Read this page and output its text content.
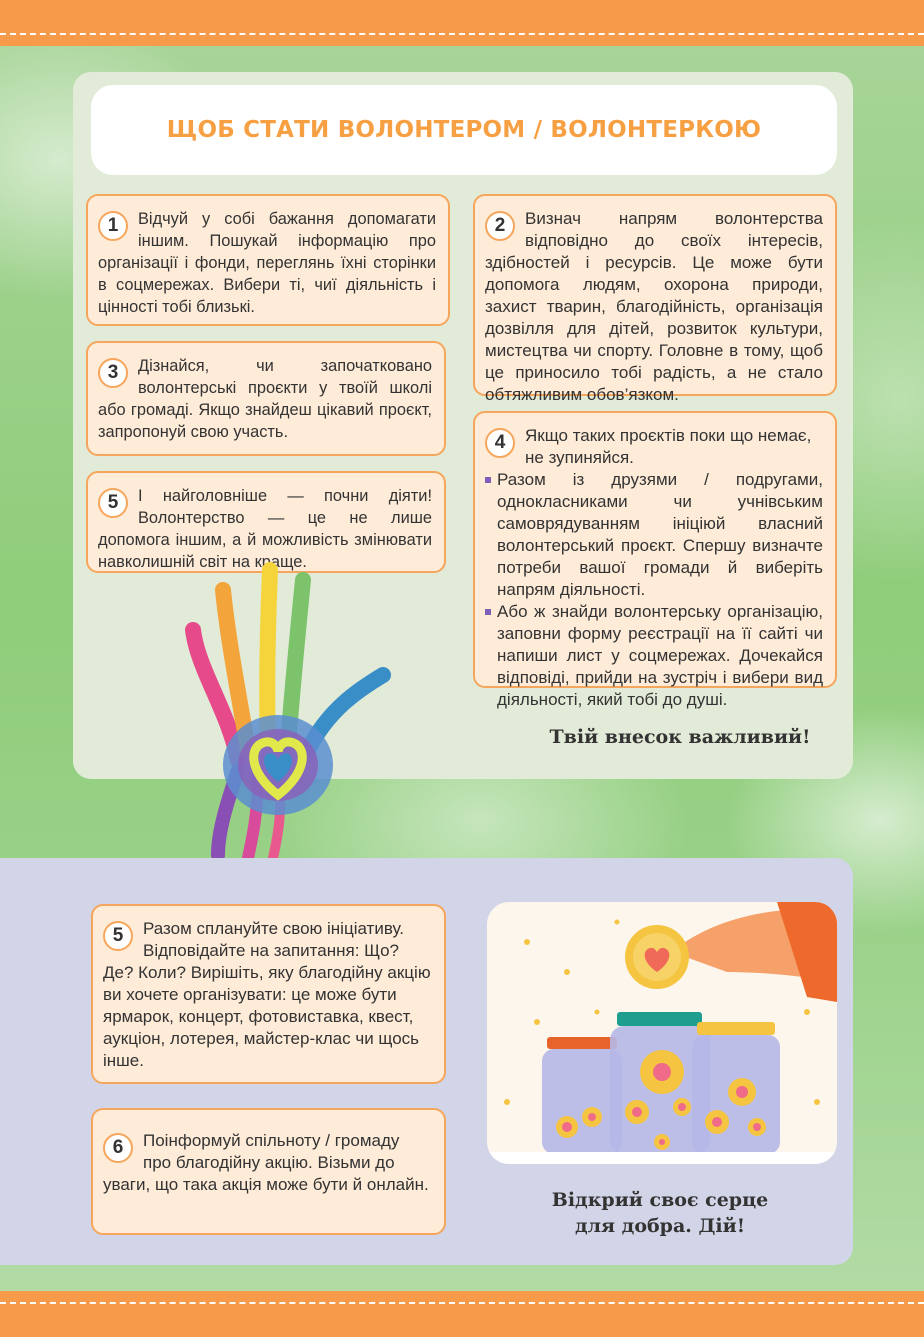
ЩОБ СТАТИ ВОЛОНТЕРОМ / ВОЛОНТЕРКОЮ
1	Відчуй у собі бажання допомагати іншим. Пошукай інформацію про організації і фонди, переглянь їхні сторінки в соцмережах. Вибери ті, чиї діяльність і цінності тобі близькі.

3	Дізнайся, чи започатковано волонтерські проєкти у твоїй школі або громаді. Якщо знайдеш цікавий проєкт, запропонуй свою участь.

5	І найголовніше — почни діяти! Волонтерство — це не лише допомога іншим, а й можливість змінювати навколишній світ на краще.

2	Визнач напрям волонтерства відповідно до своїх інтересів, здібностей і ресурсів. Це може бути допомога людям, охорона природи, захист тварин, благодійність, організація дозвілля для дітей, розвиток культури, мистецтва чи спорту. Головне в тому, щоб це приносило тобі радість, а не стало обтяжливим обов’язком.

4	Якщо таких проєктів поки що немає, не зупиняйся.

Разом із друзями / подругами, однокласниками чи учнівським самоврядуванням ініціюй власний волонтерський проєкт. Спершу визначте потреби вашої громади й виберіть напрям діяльності.
Або ж знайди волонтерську організацію, заповни форму реєстрації на її сайті чи напиши лист у соцмережах. Дочекайся відповіді, прийди на зустріч і вибери вид діяльності, який тобі до душі.
Твій внесок важливий!
5	Разом сплануйте свою ініціативу. Відповідайте на запитання: Що? Де? Коли? Вирішіть, яку благодійну акцію ви хочете організувати: це може бути ярмарок, концерт, фотовиставка, квест, аукціон, лотерея, майстер-клас чи щось інше.

6	Поінформуй спільноту / громаду про благодійну акцію. Візьми до уваги, що така акція може бути й онлайн.

Відкрий своє серце
для добра. Дій!
